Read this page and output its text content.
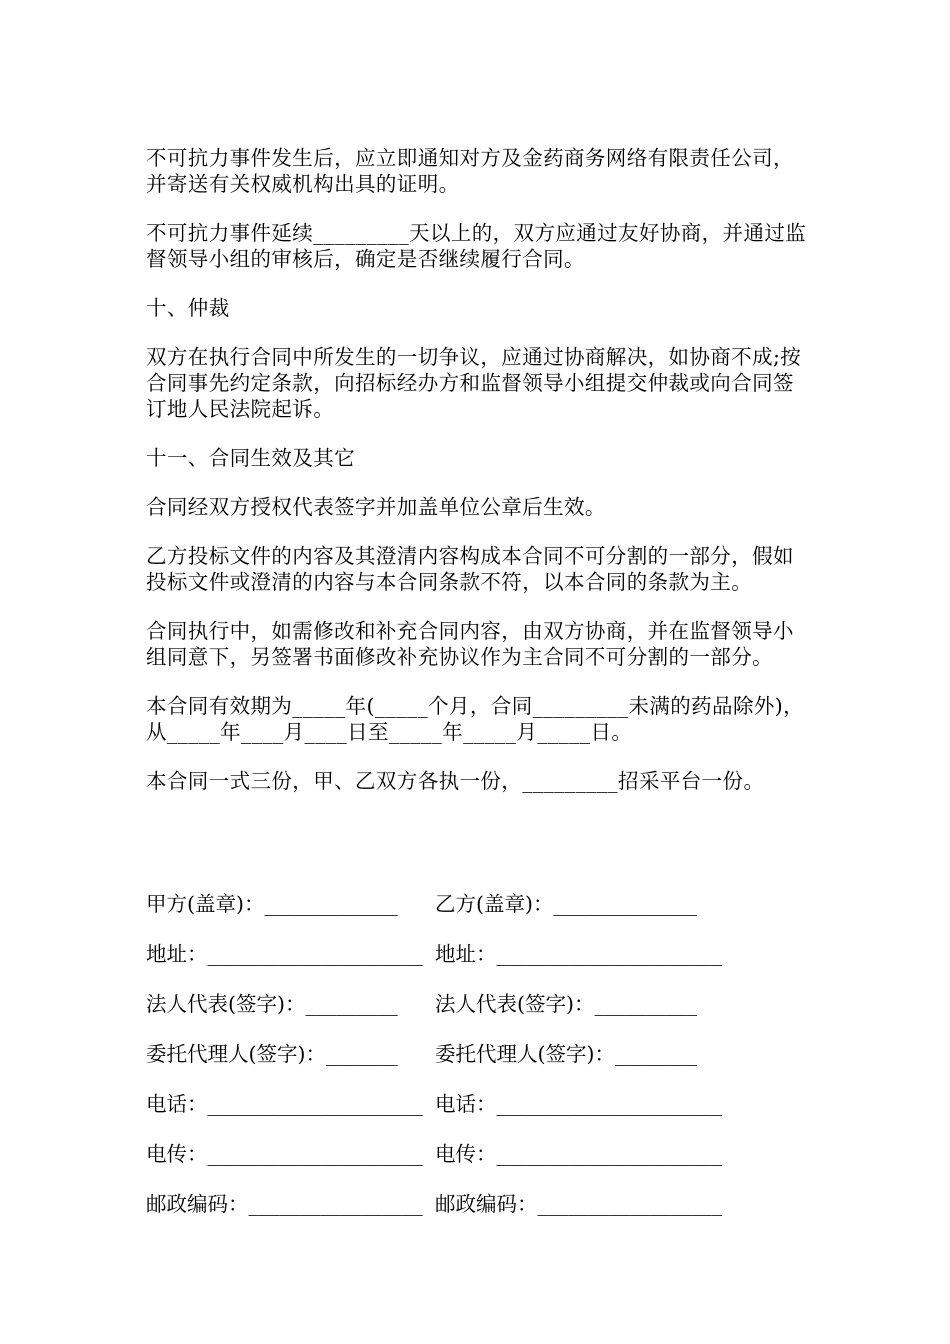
不可抗力事件发生后，应立即通知对方及金药商务网络有限责任公司，并寄送有关权威机构出具的证明。

不可抗力事件延续_________天以上的，双方应通过友好协商，并通过监督领导小组的审核后，确定是否继续履行合同。

十、仲裁

双方在执行合同中所发生的一切争议，应通过协商解决，如协商不成;按合同事先约定条款，向招标经办方和监督领导小组提交仲裁或向合同签订地人民法院起诉。

十一、合同生效及其它

合同经双方授权代表签字并加盖单位公章后生效。

乙方投标文件的内容及其澄清内容构成本合同不可分割的一部分，假如投标文件或澄清的内容与本合同条款不符，以本合同的条款为主。

合同执行中，如需修改和补充合同内容，由双方协商，并在监督领导小组同意下，另签署书面修改补充协议作为主合同不可分割的一部分。

本合同有效期为_____年(_____个月，合同_________未满的药品除外)，从_____年____月____日至_____年_____月_____日。

本合同一式三份，甲、乙双方各执一份，_________招采平台一份。

甲方(盖章)：_____________	乙方(盖章)：______________
地址：_____________________ 地址：______________________
法人代表(签字)：_________	法人代表(签字)：__________
委托代理人(签字)：_______	委托代理人(签字)：________
电话：_____________________ 电话：______________________
电传：_____________________ 电传：______________________
邮政编码：_________________ 邮政编码：__________________
